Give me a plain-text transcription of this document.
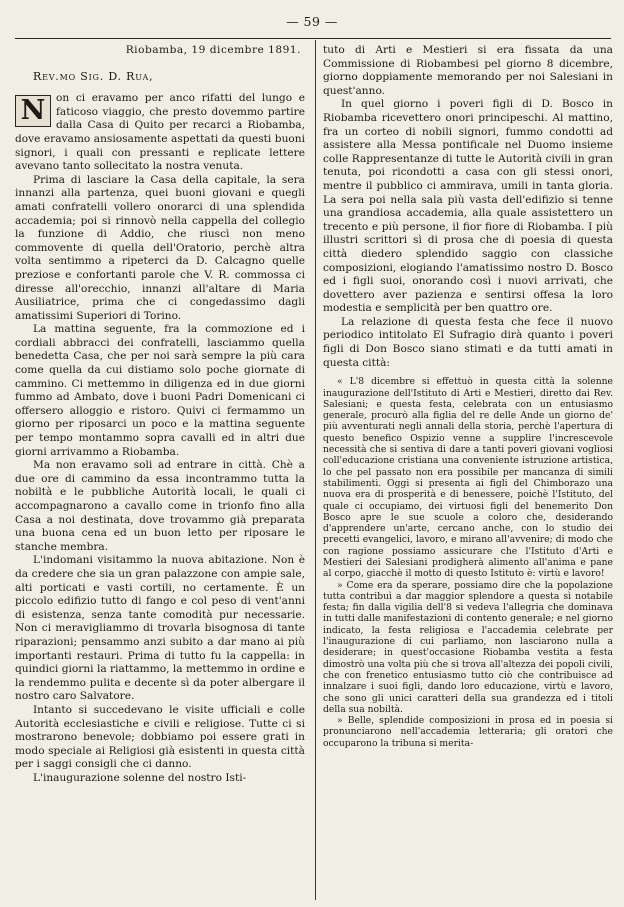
— 59 —
Riobamba, 19 dicembre 1891.
Rev.mo Sig. D. Rua,

N	on ci eravamo per anco rifatti del lungo e faticoso viaggio, che presto dovemmo partire dalla Casa di Quito per recarci a Riobamba, dove eravamo ansiosamente aspettati da questi buoni signori, i quali con pressanti e replicate lettere avevano tanto sollecitato la nostra venuta.

Prima di lasciare la Casa della capitale, la sera innanzi alla partenza, quei buoni giovani e quegli amati confratelli vollero onorarci di una splendida accademia; poi si rinnovò nella cappella del collegio la funzione di Addio, che riuscì non meno commovente di quella dell'Oratorio, perchè altra volta sentimmo a ripeterci da D. Calcagno quelle preziose e confortanti parole che V. R. commossa ci diresse all'orecchio, innanzi all'altare di Maria Ausiliatrice, prima che ci congedassimo dagli amatissimi Superiori di Torino.

La mattina seguente, fra la commozione ed i cordiali abbracci dei confratelli, lasciammo quella benedetta Casa, che per noi sarà sempre la più cara come quella da cui distiamo solo poche giornate di cammino. Ci mettemmo in diligenza ed in due giorni fummo ad Ambato, dove i buoni Padri Domenicani ci offersero alloggio e ristoro. Quivi ci fermammo un giorno per riposarci un poco e la mattina seguente per tempo montammo sopra cavalli ed in altri due giorni arrivammo a Riobamba.

Ma non eravamo soli ad entrare in città. Chè a due ore di cammino da essa incontrammo tutta la nobiltà e le pubbliche Autorità locali, le quali ci accompagnarono a cavallo come in trionfo fino alla Casa a noi destinata, dove trovammo già preparata una buona cena ed un buon letto per riposare le stanche membra.

L'indomani visitammo la nuova abitazione. Non è da credere che sia un gran palazzone con ampie sale, alti porticati e vasti cortili, no certamente. È un piccolo edifizio tutto di fango e col peso di vent'anni di esistenza, senza tante comodità pur necessarie. Non ci meravigliammo di trovarla bisognosa di tante riparazioni; pensammo anzi subito a dar mano ai più importanti restauri. Prima di tutto fu la cappella: in quindici giorni la riattammo, la mettemmo in ordine e la rendemmo pulita e decente sì da poter albergare il nostro caro Salvatore.

Intanto si succedevano le visite ufficiali e colle Autorità ecclesiastiche e civili e religiose. Tutte ci si mostrarono benevole; dobbiamo poi essere grati in modo speciale ai Religiosi già esistenti in questa città per i saggi consigli che ci danno.

L'inaugurazione solenne del nostro Isti-

tuto di Arti e Mestieri si era fissata da una Commissione di Riobambesi pel giorno 8 dicembre, giorno doppiamente memorando per noi Salesiani in quest'anno.

In quel giorno i poveri figli di D. Bosco in Riobamba ricevettero onori principeschi. Al mattino, fra un corteo di nobili signori, fummo condotti ad assistere alla Messa pontificale nel Duomo insieme colle Rappresentanze di tutte le Autorità civili in gran tenuta, poi ricondotti a casa con gli stessi onori, mentre il pubblico ci ammirava, umili in tanta gloria. La sera poi nella sala più vasta dell'edifizio si tenne una grandiosa accademia, alla quale assistettero un trecento e più persone, il fior fiore di Riobamba. I più illustri scrittori sì di prosa che di poesia di questa città diedero splendido saggio con classiche composizioni, elogiando l'amatissimo nostro D. Bosco ed i figli suoi, onorando così i nuovi arrivati, che dovettero aver pazienza e sentirsi offesa la loro modestia e semplicità per ben quattro ore.

La relazione di questa festa che fece il nuovo periodico intitolato El Sufragio dirà quanto i poveri figli di Don Bosco siano stimati e da tutti amati in questa città:

« L'8 dicembre si effettuò in questa città la solenne inaugurazione dell'Istituto di Arti e Mestieri, diretto dai Rev. Salesiani; e questa festa, celebrata con un entusiasmo generale, procurò alla figlia del re delle Ande un giorno de' più avventurati negli annali della storia, perchè l'apertura di questo benefico Ospizio venne a supplire l'increscevole necessità che si sentiva di dare a tanti poveri giovani vogliosi coll'educazione cristiana una conveniente istruzione artistica, lo che pel passato non era possibile per mancanza di simili stabilimenti. Oggi si presenta ai figli del Chimborazo una nuova era di prosperità e di benessere, poichè l'Istituto, del quale ci occupiamo, dei virtuosi figli del benemerito Don Bosco apre le sue scuole a coloro che, desiderando d'apprendere un'arte, cercano anche, con lo studio dei precetti evangelici, lavoro, e mirano all'avvenire; di modo che con ragione possiamo assicurare che l'Istituto d'Arti e Mestieri dei Salesiani prodigherà alimento all'anima e pane al corpo, giacchè il motto di questo Istituto è: virtù e lavoro!

» Come era da sperare, possiamo dire che la popolazione tutta contribuì a dar maggior splendore a questa sì notabile festa; fin dalla vigilia dell'8 si vedeva l'allegria che dominava in tutti dalle manifestazioni di contento generale; e nel giorno indicato, la festa religiosa e l'accademia celebrate per l'inaugurazione di cui parliamo, non lasciarono nulla a desiderare; in quest'occasione Riobamba vestita a festa dimostrò una volta più che si trova all'altezza dei popoli civili, che con frenetico entusiasmo tutto ciò che contribuisce ad innalzare i suoi figli, dando loro educazione, virtù e lavoro, che sono gli unici caratteri della sua grandezza ed i titoli della sua nobiltà.

» Belle, splendide composizioni in prosa ed in poesia si pronunciarono nell'accademia letteraria; gli oratori che occuparono la tribuna si merita-
